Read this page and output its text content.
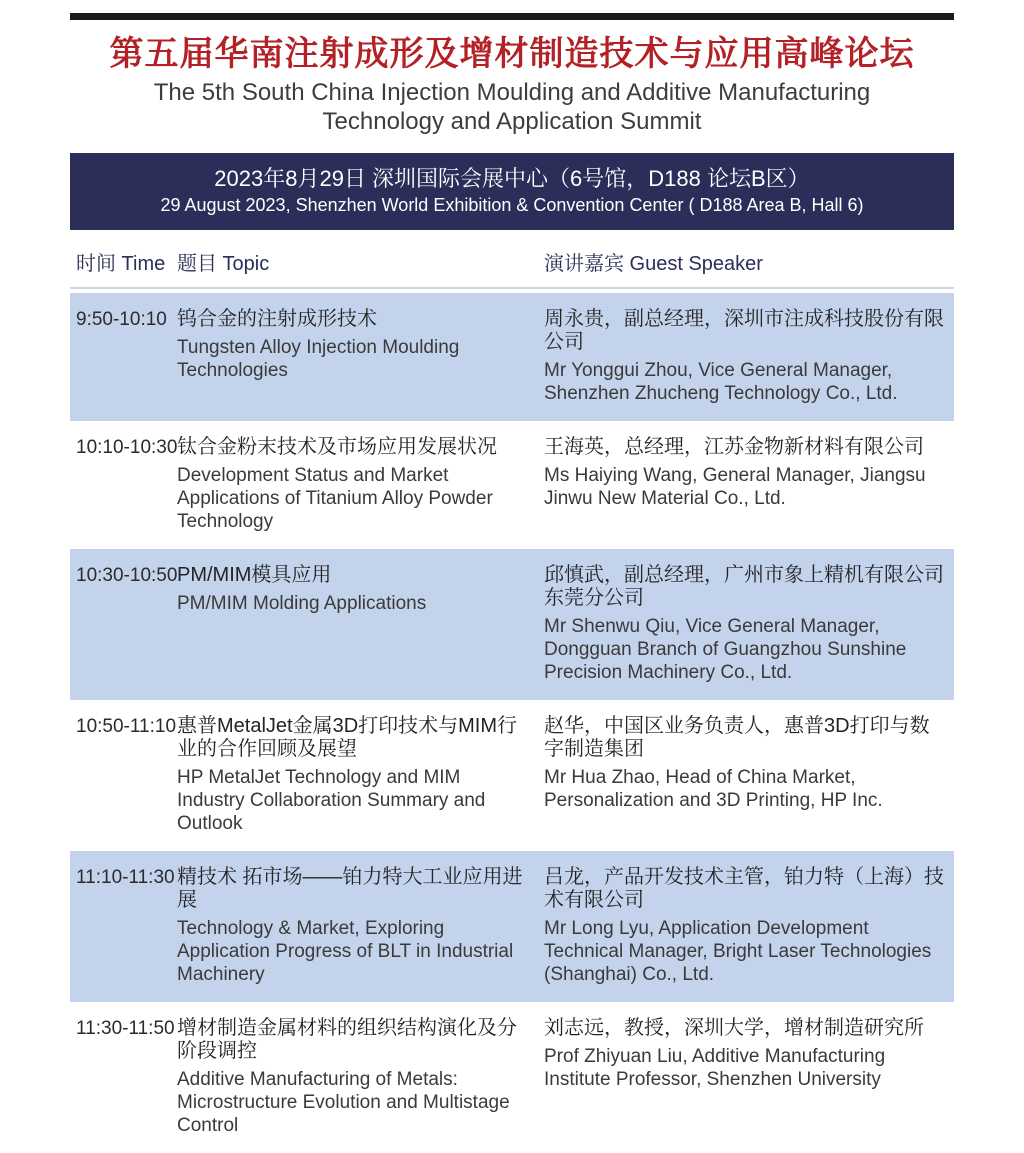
第五届华南注射成形及增材制造技术与应用高峰论坛
The 5th South China Injection Moulding and Additive Manufacturing
Technology and Application Summit
2023年8月29日 深圳国际会展中心（6号馆，D188 论坛B区）
29 August 2023, Shenzhen World Exhibition & Convention Center ( D188 Area B, Hall 6)
时间 Time 题目 Topic	演讲嘉宾 Guest Speaker
9:50-10:10 钨合金的注射成形技术
Tungsten Alloy Injection Moulding Technologies
周永贵，副总经理，深圳市注成科技股份有限公司
Mr Yonggui Zhou, Vice General Manager, Shenzhen Zhucheng Technology Co., Ltd.
10:10-10:30 钛合金粉末技术及市场应用发展状况
Development Status and Market Applications of Titanium Alloy Powder Technology
王海英，总经理，江苏金物新材料有限公司
Ms Haiying Wang, General Manager, Jiangsu Jinwu New Material Co., Ltd.
10:30-10:50 PM/MIM模具应用
PM/MIM Molding Applications
邱慎武，副总经理，广州市象上精机有限公司东莞分公司
Mr Shenwu Qiu, Vice General Manager, Dongguan Branch of Guangzhou Sunshine Precision Machinery Co., Ltd.
10:50-11:10 惠普MetalJet金属3D打印技术与MIM行业的合作回顾及展望
HP MetalJet Technology and MIM Industry Collaboration Summary and Outlook
赵华，中国区业务负责人，惠普3D打印与数字制造集团
Mr Hua Zhao, Head of China Market, Personalization and 3D Printing, HP Inc.
11:10-11:30 精技术 拓市场——铂力特大工业应用进展
Technology & Market, Exploring Application Progress of BLT in Industrial Machinery
吕龙，产品开发技术主管，铂力特（上海）技术有限公司
Mr Long Lyu, Application Development Technical Manager, Bright Laser Technologies (Shanghai) Co., Ltd.
11:30-11:50 增材制造金属材料的组织结构演化及分阶段调控
Additive Manufacturing of Metals: Microstructure Evolution and Multistage Control
刘志远，教授，深圳大学，增材制造研究所
Prof Zhiyuan Liu, Additive Manufacturing Institute Professor, Shenzhen University
